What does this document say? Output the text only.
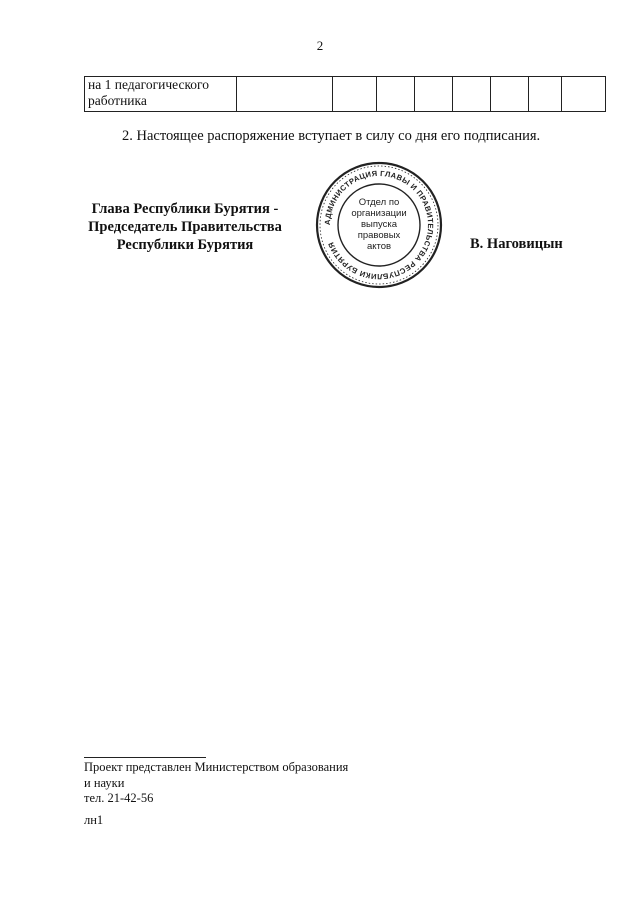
2
на 1 педагогического
работника

2. Настоящее распоряжение вступает в силу со дня его подписания.
Глава Республики Бурятия -
Председатель Правительства
Республики Бурятия
АДМИНИСТРАЦИЯ ГЛАВЫ И ПРАВИТЕЛЬСТВА РЕСПУБЛИКИ БУРЯТИЯ
Отдел по
организации
выпуска
правовых
актов	В. Наговицын
Проект представлен Министерством образования
и науки
тел. 21-42-56
лн1
